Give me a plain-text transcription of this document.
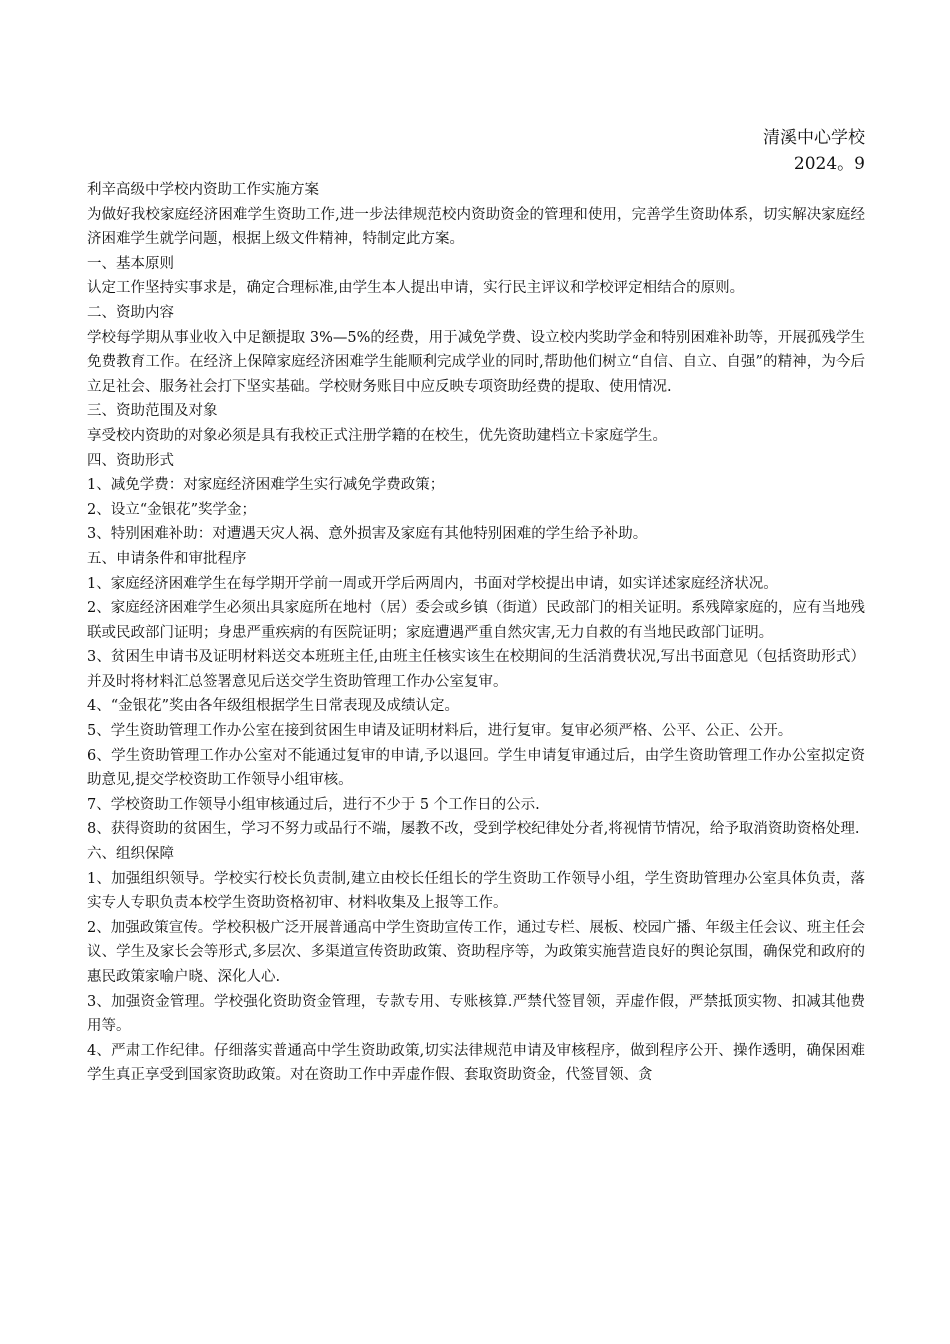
清溪中心学校
2024。9

利辛高级中学校内资助工作实施方案

为做好我校家庭经济困难学生资助工作,进一步法律规范校内资助资金的管理和使用，完善学生资助体系，切实解决家庭经济困难学生就学问题，根据上级文件精神，特制定此方案。

一、基本原则

认定工作坚持实事求是，确定合理标准,由学生本人提出申请，实行民主评议和学校评定相结合的原则。

二、资助内容

学校每学期从事业收入中足额提取 3%—5%的经费，用于减免学费、设立校内奖助学金和特别困难补助等，开展孤残学生免费教育工作。在经济上保障家庭经济困难学生能顺利完成学业的同时,帮助他们树立“自信、自立、自强”的精神，为今后立足社会、服务社会打下坚实基础。学校财务账目中应反映专项资助经费的提取、使用情况.

三、资助范围及对象

享受校内资助的对象必须是具有我校正式注册学籍的在校生，优先资助建档立卡家庭学生。

四、资助形式

1、减免学费：对家庭经济困难学生实行减免学费政策；

2、设立“金银花”奖学金；

3、特别困难补助：对遭遇天灾人祸、意外损害及家庭有其他特别困难的学生给予补助。

五、申请条件和审批程序

1、家庭经济困难学生在每学期开学前一周或开学后两周内，书面对学校提出申请，如实详述家庭经济状况。

2、家庭经济困难学生必须出具家庭所在地村（居）委会或乡镇（街道）民政部门的相关证明。系残障家庭的，应有当地残联或民政部门证明；身患严重疾病的有医院证明；家庭遭遇严重自然灾害,无力自救的有当地民政部门证明。

3、贫困生申请书及证明材料送交本班班主任,由班主任核实该生在校期间的生活消费状况,写出书面意见（包括资助形式）并及时将材料汇总签署意见后送交学生资助管理工作办公室复审。

4、“金银花”奖由各年级组根据学生日常表现及成绩认定。

5、学生资助管理工作办公室在接到贫困生申请及证明材料后，进行复审。复审必须严格、公平、公正、公开。

6、学生资助管理工作办公室对不能通过复审的申请,予以退回。学生申请复审通过后，由学生资助管理工作办公室拟定资助意见,提交学校资助工作领导小组审核。

7、学校资助工作领导小组审核通过后，进行不少于 5 个工作日的公示.

8、获得资助的贫困生，学习不努力或品行不端，屡教不改，受到学校纪律处分者,将视情节情况，给予取消资助资格处理.

六、组织保障

1、加强组织领导。学校实行校长负责制,建立由校长任组长的学生资助工作领导小组，学生资助管理办公室具体负责，落实专人专职负责本校学生资助资格初审、材料收集及上报等工作。

2、加强政策宣传。学校积极广泛开展普通高中学生资助宣传工作，通过专栏、展板、校园广播、年级主任会议、班主任会议、学生及家长会等形式,多层次、多渠道宣传资助政策、资助程序等，为政策实施营造良好的舆论氛围，确保党和政府的惠民政策家喻户晓、深化人心.

3、加强资金管理。学校强化资助资金管理，专款专用、专账核算.严禁代签冒领，弄虚作假，严禁抵顶实物、扣减其他费用等。

4、严肃工作纪律。仔细落实普通高中学生资助政策,切实法律规范申请及审核程序，做到程序公开、操作透明，确保困难学生真正享受到国家资助政策。对在资助工作中弄虚作假、套取资助资金，代签冒领、贪
